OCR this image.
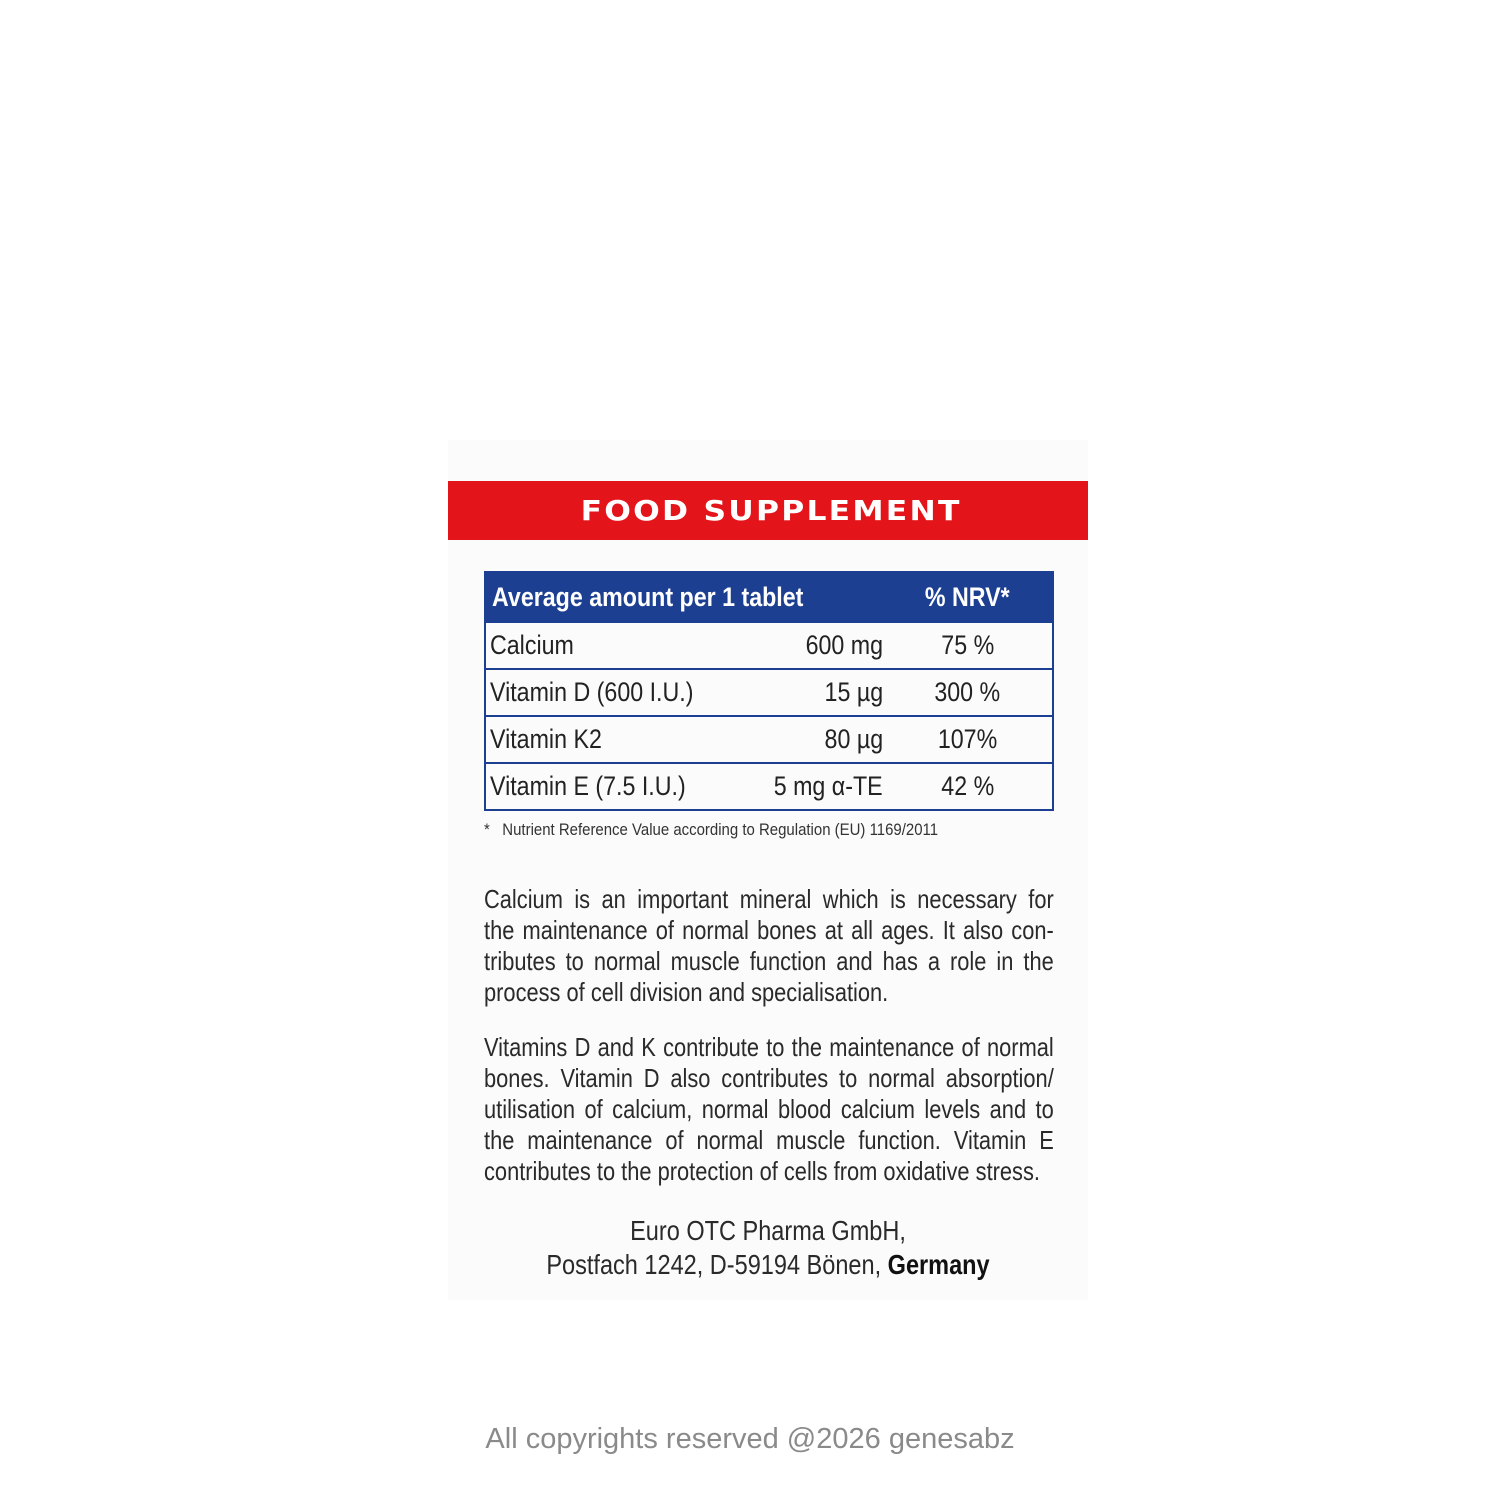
FOOD SUPPLEMENT
Average amount per 1 tablet		% NRV*
Calcium	600 mg	75 %
Vitamin D (600 I.U.)	15 µg	300 %
Vitamin K2	80 µg	107%
Vitamin E (7.5 I.U.)	5 mg α-TE	42 %
* Nutrient Reference Value according to Regulation (EU) 1169/2011
Calcium is an important mineral which is necessary for
the maintenance of normal bones at all ages. It also con-
tributes to normal muscle function and has a role in the
process of cell division and specialisation.
Vitamins D and K contribute to the maintenance of normal
bones. Vitamin D also contributes to normal absorption/
utilisation of calcium, normal blood calcium levels and to
the maintenance of normal muscle function. Vitamin E
contributes to the protection of cells from oxidative stress.
Euro OTC Pharma GmbH,
Postfach 1242, D-59194 Bönen, Germany
All copyrights reserved @2026 genesabz
